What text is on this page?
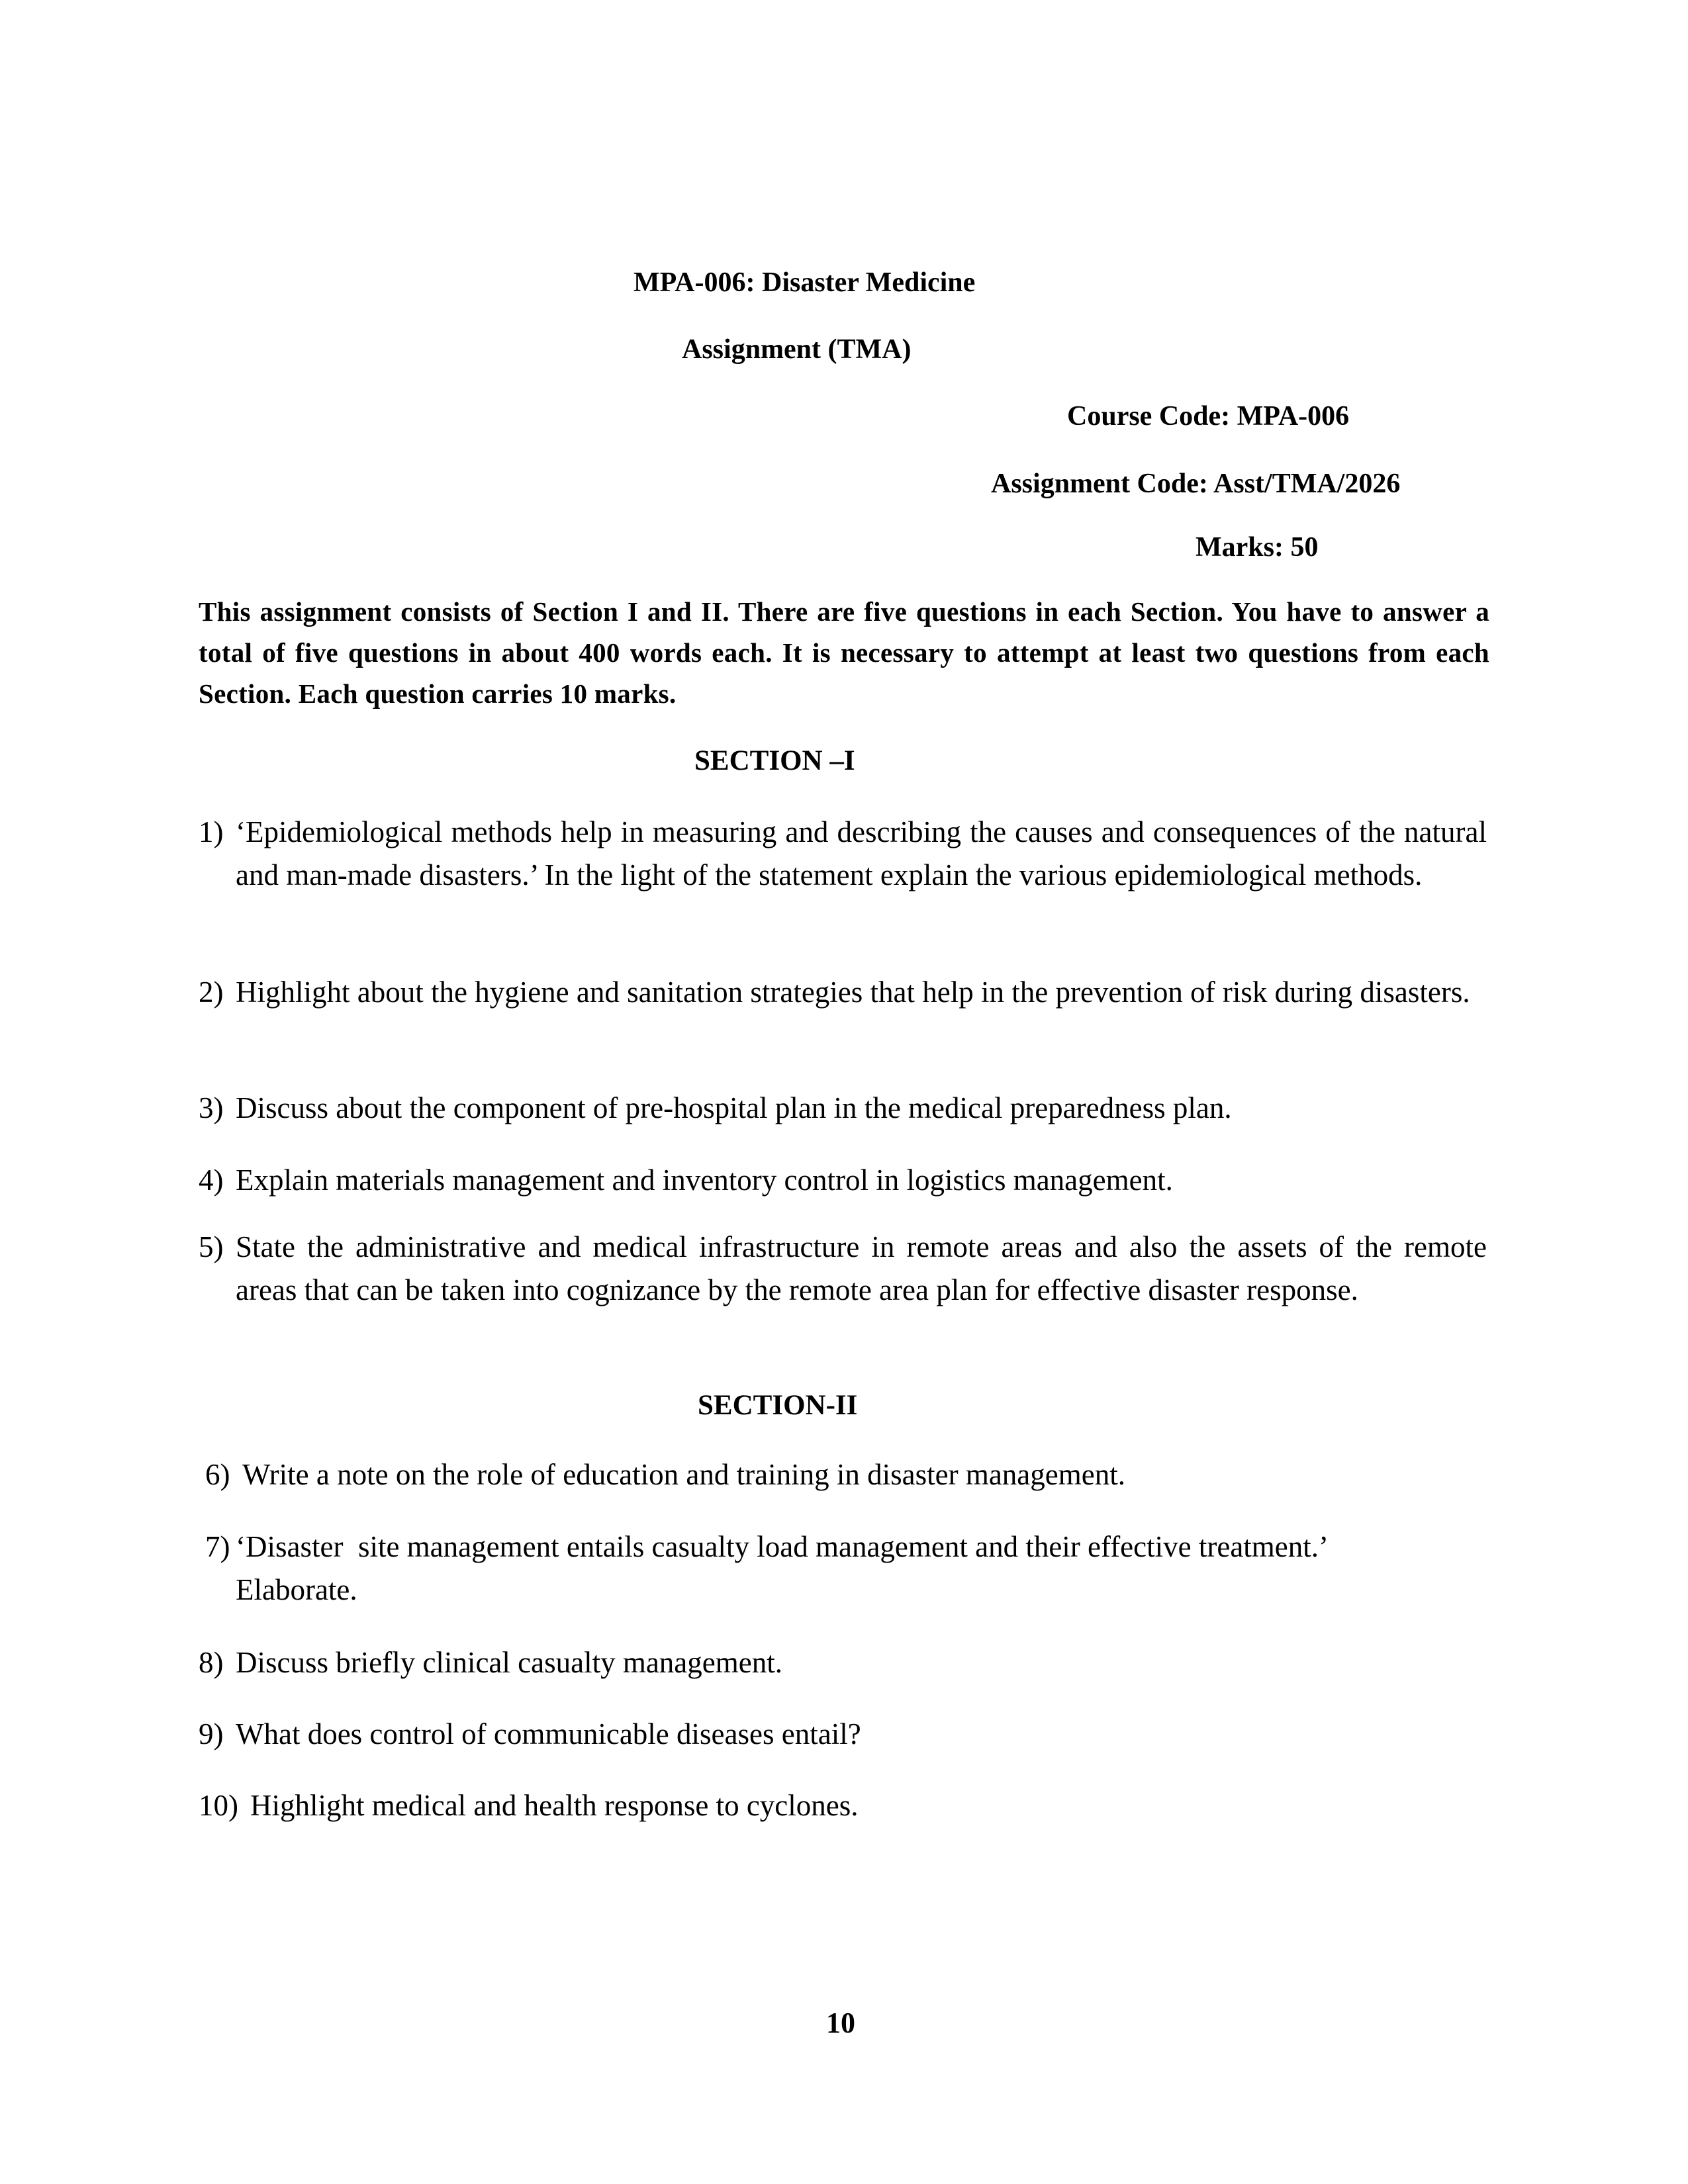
MPA-006: Disaster Medicine

Assignment (TMA)

Course Code: MPA-006

Assignment Code: Asst/TMA/2026

Marks: 50

This assignment consists of Section I and II. There are five questions in each Section. You have to answer a total of five questions in about 400 words each. It is necessary to attempt at least two questions from each Section. Each question carries 10 marks.

SECTION –I

1) ‘Epidemiological methods help in measuring and describing the causes and consequences of the natural and man-made disasters.’ In the light of the statement explain the various epidemiological methods.
2) Highlight about the hygiene and sanitation strategies that help in the prevention of risk during disasters.
3) Discuss about the component of pre-hospital plan in the medical preparedness plan.
4) Explain materials management and inventory control in logistics management.
5) State the administrative and medical infrastructure in remote areas and also the assets of the remote areas that can be taken into cognizance by the remote area plan for effective disaster response.

SECTION-II

6) Write a note on the role of education and training in disaster management.
7) ‘Disaster  site management entails casualty load management and their effective treatment.’ Elaborate.
8) Discuss briefly clinical casualty management.
9) What does control of communicable diseases entail?
10) Highlight medical and health response to cyclones.

10
